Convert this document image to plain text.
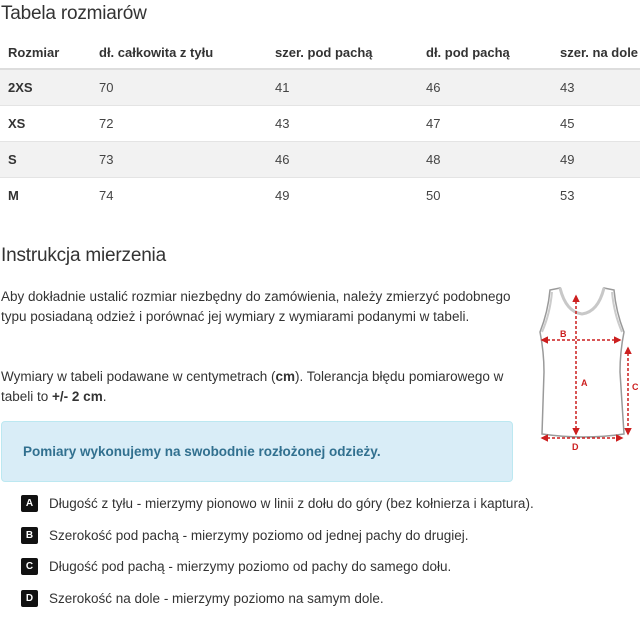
Tabela rozmiarów
Rozmiar	dł. całkowita z tyłu	szer. pod pachą	dł. pod pachą	szer. na dole
2XS	70	41	46	43
XS	72	43	47	45
S	73	46	48	49
M	74	49	50	53
Instrukcja mierzenia

Aby dokładnie ustalić rozmiar niezbędny do zamówienia, należy zmierzyć podobnego typu posiadaną odzież i porównać jej wymiary z wymiarami podanymi w tabeli.

Wymiary w tabeli podawane w centymetrach (cm). Tolerancja błędu pomiarowego w tabeli to +/- 2 cm.

Pomiary wykonujemy na swobodnie rozłożonej odzieży.
A	Długość z tyłu - mierzymy pionowo w linii z dołu do góry (bez kołnierza i kaptura).
B	Szerokość pod pachą - mierzymy poziomo od jednej pachy do drugiej.
C	Długość pod pachą - mierzymy poziomo od pachy do samego dołu.
D	Szerokość na dole - mierzymy poziomo na samym dole.
B
A	C
D
